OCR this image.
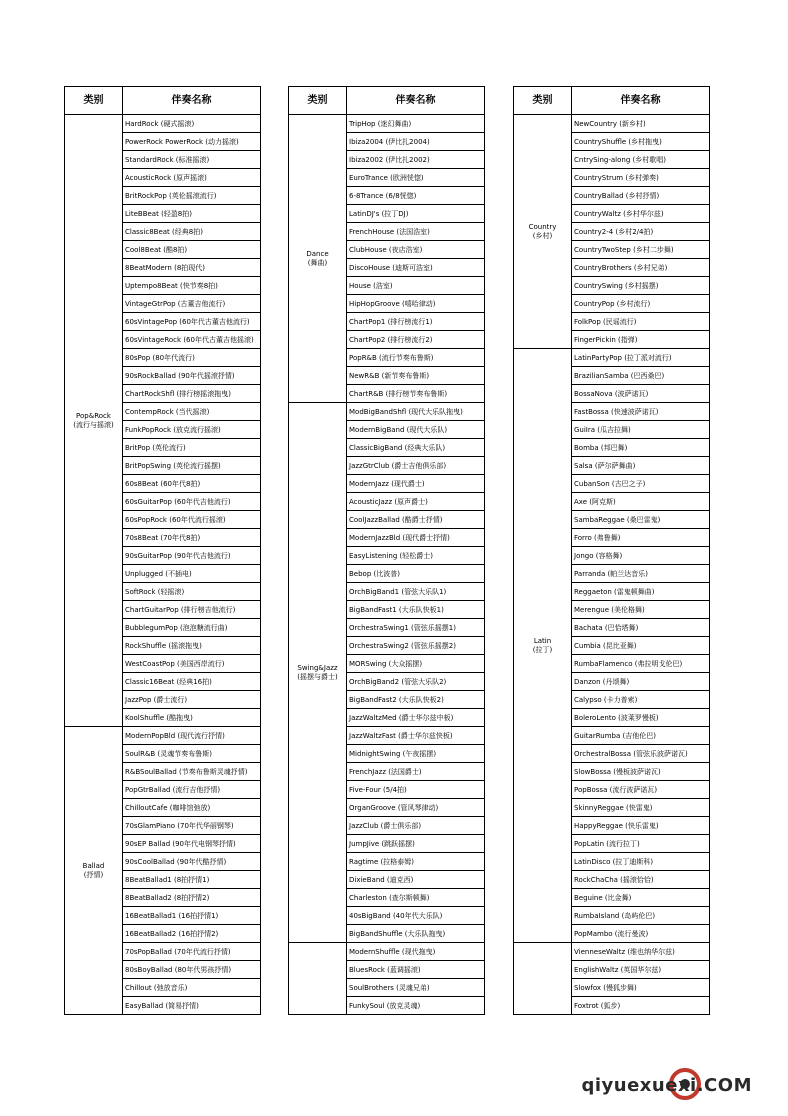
类别	伴奏名称
Pop&Rock
(流行与摇滚)	HardRock (硬式摇滚)
	PowerRock PowerRock (动力摇滚)
	StandardRock (标准摇滚)
	AcousticRock (原声摇滚)
	BritRockPop (英伦摇滚流行)
	LiteBBeat (轻盈8拍)
	Classic8Beat (经典8拍)
	Cool8Beat (酷8拍)
	8BeatModern (8拍现代)
	Uptempo8Beat (快节奏8拍)
	VintageGtrPop (古董吉他流行)
	60sVintagePop (60年代古董吉他流行)
	60sVintageRock (60年代古董吉他摇滚)
	80sPop (80年代流行)
	90sRockBallad (90年代摇滚抒情)
	ChartRockShfl (排行榜摇滚拖曳)
	ContempRock (当代摇滚)
	FunkPopRock (放克流行摇滚)
	BritPop (英伦流行)
	BritPopSwing (英伦流行摇摆)
	60s8Beat (60年代8拍)
	60sGuitarPop (60年代吉他流行)
	60sPopRock (60年代流行摇滚)
	70s8Beat (70年代8拍)
	90sGuitarPop (90年代吉他流行)
	Unplugged (不插电)
	SoftRock (轻摇滚)
	ChartGuitarPop (排行榜吉他流行)
	BubblegumPop (泡泡糖流行曲)
	RockShuffle (摇滚拖曳)
	WestCoastPop (美国西岸流行)
	Classic16Beat (经典16拍)
	JazzPop (爵士流行)
	KoolShuffle (酷拖曳)
Ballad
(抒情)	ModernPopBld (现代流行抒情)
	SoulR&B (灵魂节奏布鲁斯)
	R&BSoulBallad (节奏布鲁斯灵魂抒情)
	PopGtrBallad (流行吉他抒情)
	ChilloutCafe (咖啡馆弛放)
	70sGlamPiano (70年代华丽钢琴)
	90sEP Ballad (90年代电钢琴抒情)
	90sCoolBallad (90年代酷抒情)
	8BeatBallad1 (8拍抒情1)
	8BeatBallad2 (8拍抒情2)
	16BeatBallad1 (16拍抒情1)
	16BeatBallad2 (16拍抒情2)
	70sPopBallad (70年代流行抒情)
	80sBoyBallad (80年代男孩抒情)
	Chillout (弛放音乐)
	EasyBallad (简易抒情)
类别	伴奏名称
Dance
(舞曲)	TripHop (迷幻舞曲)
	Ibiza2004 (伊比扎2004)
	Ibiza2002 (伊比扎2002)
	EuroTrance (欧洲恍惚)
	6-8Trance (6/8恍惚)
	LatinDJ's (拉丁DJ)
	FrenchHouse (法国浩室)
	ClubHouse (夜店浩室)
	DiscoHouse (迪斯可浩室)
	House (浩室)
	HipHopGroove (嘻哈律动)
	ChartPop1 (排行榜流行1)
	ChartPop2 (排行榜流行2)
	PopR&B (流行节奏布鲁斯)
	NewR&B (新节奏布鲁斯)
	ChartR&B (排行榜节奏布鲁斯)
Swing&Jazz
(摇摆与爵士)	ModBigBandShfl (现代大乐队拖曳)
	ModernBigBand (现代大乐队)
	ClassicBigBand (经典大乐队)
	JazzGtrClub (爵士吉他俱乐部)
	ModernJazz (现代爵士)
	AcousticJazz (原声爵士)
	CoolJazzBallad (酷爵士抒情)
	ModernJazzBld (现代爵士抒情)
	EasyListening (轻松爵士)
	Bebop (比波普)
	OrchBigBand1 (管弦大乐队1)
	BigBandFast1 (大乐队快板1)
	OrchestraSwing1 (管弦乐摇摆1)
	OrchestraSwing2 (管弦乐摇摆2)
	MORSwing (大众摇摆)
	OrchBigBand2 (管弦大乐队2)
	BigBandFast2 (大乐队快板2)
	JazzWaltzMed (爵士华尔兹中板)
	JazzWaltzFast (爵士华尔兹快板)
	MidnightSwing (午夜摇摆)
	FrenchJazz (法国爵士)
	Five-Four (5/4拍)
	OrganGroove (管风琴律动)
	JazzClub (爵士俱乐部)
	JumpJive (跳跃摇摆)
	Ragtime (拉格泰姆)
	DixieBand (迪克西)
	Charleston (查尔斯顿舞)
	40sBigBand (40年代大乐队)
	BigBandShuffle (大乐队拖曳)
	ModernShuffle (现代拖曳)
	BluesRock (蓝调摇滚)
	SoulBrothers (灵魂兄弟)
	FunkySoul (放克灵魂)
类别	伴奏名称
Country
(乡村)	NewCountry (新乡村)
	CountryShuffle (乡村拖曳)
	CntrySing-along (乡村歌唱)
	CountryStrum (乡村弹奏)
	CountryBallad (乡村抒情)
	CountryWaltz (乡村华尔兹)
	Country2-4 (乡村2/4拍)
	CountryTwoStep (乡村二步舞)
	CountryBrothers (乡村兄弟)
	CountrySwing (乡村摇摆)
	CountryPop (乡村流行)
	FolkPop (民谣流行)
	FingerPickin (指弹)
Latin
(拉丁)	LatinPartyPop (拉丁派对流行)
	BrazilianSamba (巴西桑巴)
	BossaNova (波萨诺瓦)
	FastBossa (快速波萨诺瓦)
	GuiIra (瓜吉拉舞)
	Bomba (邦巴舞)
	Salsa (萨尔萨舞曲)
	CubanSon (古巴之子)
	Axe (阿克斯)
	SambaReggae (桑巴雷鬼)
	Forro (弗鲁舞)
	Jongo (容格舞)
	Parranda (帕兰达音乐)
	Reggaeton (雷鬼顿舞曲)
	Merengue (美伦格舞)
	Bachata (巴恰塔舞)
	Cumbia (昆比亚舞)
	RumbaFlamenco (弗拉明戈伦巴)
	Danzon (丹颂舞)
	Calypso (卡力普索)
	BoleroLento (波莱罗慢板)
	GuitarRumba (吉他伦巴)
	OrchestralBossa (管弦乐波萨诺瓦)
	SlowBossa (慢板波萨诺瓦)
	PopBossa (流行波萨诺瓦)
	SkinnyReggae (快雷鬼)
	HappyReggae (快乐雷鬼)
	PopLatin (流行拉丁)
	LatinDisco (拉丁迪斯科)
	RockChaCha (摇滚恰恰)
	Beguine (比金舞)
	RumbaIsland (岛屿伦巴)
	PopMambo (流行曼波)
	VienneseWaltz (维也纳华尔兹)
	EnglishWaltz (英国华尔兹)
	Slowfox (慢狐步舞)
	Foxtrot (狐步)
qiyuexuexi.COM
